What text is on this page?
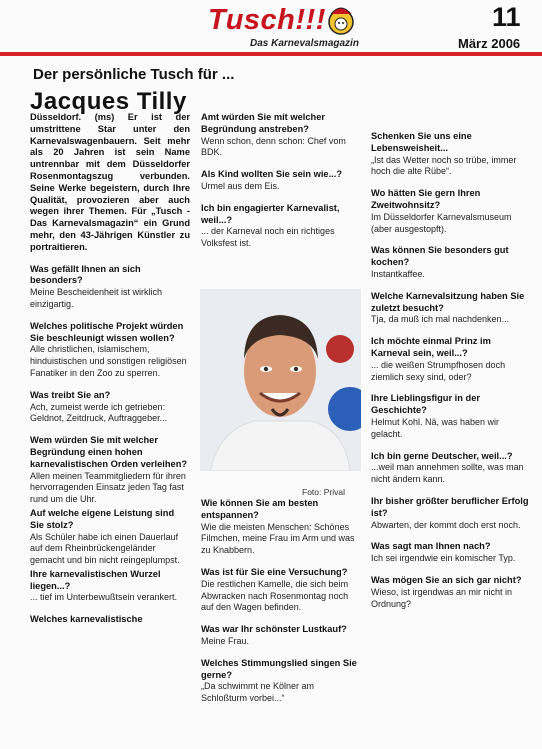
Tusch!!!
Das Karnevalsmagazin
11
März 2006
Der persönliche Tusch für ...
Jacques Tilly

Düsseldorf. (ms) Er ist der umstrittene Star unter den Karnevalswagenbauern. Seit mehr als 20 Jahren ist sein Name untrennbar mit dem Düsseldorfer Rosenmontagszug verbunden. Seine Werke begeistern, durch Ihre Qualität, provozieren aber auch wegen ihrer Themen. Für „Tusch -Das Karnevalsmagazin“ ein Grund mehr, den 43-Jährigen Künstler zu portraitieren.

Was gefällt Ihnen an sich besonders?

Meine Bescheidenheit ist wirklich einzigartig.

Welches politische Projekt würden Sie beschleunigt wissen wollen?

Alle christlichen, islamischem, hinduistischen und sonstigen religiösen Fanatiker in den Zoo zu sperren.

Was treibt Sie an?

Ach, zumeist werde ich getrieben: Geldnot, Zeitdruck, Auftraggeber...

Wem würden Sie mit welcher Begründung einen hohen karnevalistischen Orden verleihen?

Allen meinen Teammitgliedern für ihren hervorragenden Einsatz jeden Tag fast rund um die Uhr.

Auf welche eigene Leistung sind Sie stolz?

Als Schüler habe ich einen Dauerlauf auf dem Rheinbrückengeländer gemacht und bin nicht reingeplumpst.

Ihre karnevalistischen Wurzel liegen...?

... tief im Unterbewußtsein verankert.

Welches karnevalistische

Amt würden Sie mit welcher Begründung anstreben?

Wenn schon, denn schon: Chef vom BDK.

Als Kind wollten Sie sein wie...?

Urmel aus dem Eis.

Ich bin engagierter Karnevalist, weil...?

... der Karneval noch ein richtiges Volksfest ist.

Foto: Prival

Wie können Sie am besten entspannen?

Wie die meisten Menschen: Schönes Filmchen, meine Frau im Arm und was zu Knabbern.

Was ist für Sie eine Versuchung?

Die restlichen Kamelle, die sich beim Abwracken nach Rosenmontag noch auf den Wagen befinden.

Was war Ihr schönster Lustkauf?

Meine Frau.

Welches Stimmungslied singen Sie gerne?

„Da schwimmt ne Kölner am Schloßturm vorbei...“

Schenken Sie uns eine Lebensweisheit...

„Ist das Wetter noch so trübe, immer hoch die alte Rübe“.

Wo hätten Sie gern Ihren Zweitwohnsitz?

Im Düsseldorfer Karnevalsmuseum (aber ausgestopft).

Was können Sie besonders gut kochen?

Instantkaffee.

Welche Karnevalsitzung haben Sie zuletzt besucht?

Tja, da muß ich mal nachdenken...

Ich möchte einmal Prinz im Karneval sein, weil...?

... die weißen Strumpfhosen doch ziemlich sexy sind, oder?

Ihre Lieblingsfigur in der Geschichte?

Helmut Kohl. Nä, was haben wir gelacht.

Ich bin gerne Deutscher, weil...?

...weil man annehmen sollte, was man nicht ändern kann.

Ihr bisher größter beruflicher Erfolg ist?

Abwarten, der kommt doch erst noch.

Was sagt man Ihnen nach?

Ich sei irgendwie ein komischer Typ.

Was mögen Sie an sich gar nicht?

Wieso, ist irgendwas an mir nicht in Ordnung?
